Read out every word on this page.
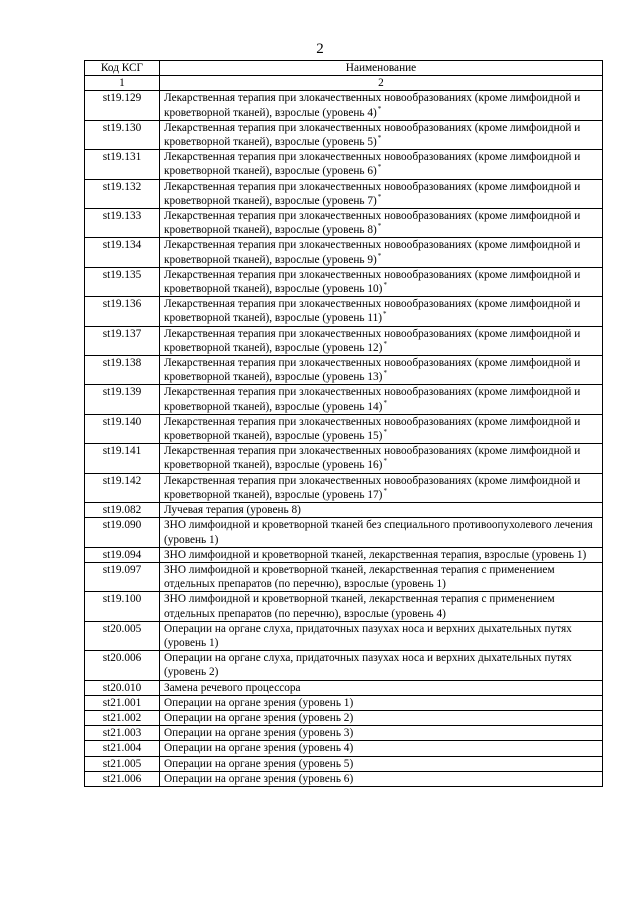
2
Код КСГ	Наименование
1	2
st19.129	Лекарственная терапия при злокачественных новообразованиях (кроме лимфоидной и кроветворной тканей), взрослые (уровень 4)*
st19.130	Лекарственная терапия при злокачественных новообразованиях (кроме лимфоидной и кроветворной тканей), взрослые (уровень 5)*
st19.131	Лекарственная терапия при злокачественных новообразованиях (кроме лимфоидной и кроветворной тканей), взрослые (уровень 6)*
st19.132	Лекарственная терапия при злокачественных новообразованиях (кроме лимфоидной и кроветворной тканей), взрослые (уровень 7)*
st19.133	Лекарственная терапия при злокачественных новообразованиях (кроме лимфоидной и кроветворной тканей), взрослые (уровень 8)*
st19.134	Лекарственная терапия при злокачественных новообразованиях (кроме лимфоидной и кроветворной тканей), взрослые (уровень 9)*
st19.135	Лекарственная терапия при злокачественных новообразованиях (кроме лимфоидной и кроветворной тканей), взрослые (уровень 10)*
st19.136	Лекарственная терапия при злокачественных новообразованиях (кроме лимфоидной и кроветворной тканей), взрослые (уровень 11)*
st19.137	Лекарственная терапия при злокачественных новообразованиях (кроме лимфоидной и кроветворной тканей), взрослые (уровень 12)*
st19.138	Лекарственная терапия при злокачественных новообразованиях (кроме лимфоидной и кроветворной тканей), взрослые (уровень 13)*
st19.139	Лекарственная терапия при злокачественных новообразованиях (кроме лимфоидной и кроветворной тканей), взрослые (уровень 14)*
st19.140	Лекарственная терапия при злокачественных новообразованиях (кроме лимфоидной и кроветворной тканей), взрослые (уровень 15)*
st19.141	Лекарственная терапия при злокачественных новообразованиях (кроме лимфоидной и кроветворной тканей), взрослые (уровень 16)*
st19.142	Лекарственная терапия при злокачественных новообразованиях (кроме лимфоидной и кроветворной тканей), взрослые (уровень 17)*
st19.082	Лучевая терапия (уровень 8)
st19.090	ЗНО лимфоидной и кроветворной тканей без специального противоопухолевого лечения (уровень 1)
st19.094	ЗНО лимфоидной и кроветворной тканей, лекарственная терапия, взрослые (уровень 1)
st19.097	ЗНО лимфоидной и кроветворной тканей, лекарственная терапия с применением отдельных препаратов (по перечню), взрослые (уровень 1)
st19.100	ЗНО лимфоидной и кроветворной тканей, лекарственная терапия с применением отдельных препаратов (по перечню), взрослые (уровень 4)
st20.005	Операции на органе слуха, придаточных пазухах носа и верхних дыхательных путях (уровень 1)
st20.006	Операции на органе слуха, придаточных пазухах носа и верхних дыхательных путях (уровень 2)
st20.010	Замена речевого процессора
st21.001	Операции на органе зрения (уровень 1)
st21.002	Операции на органе зрения (уровень 2)
st21.003	Операции на органе зрения (уровень 3)
st21.004	Операции на органе зрения (уровень 4)
st21.005	Операции на органе зрения (уровень 5)
st21.006	Операции на органе зрения (уровень 6)
